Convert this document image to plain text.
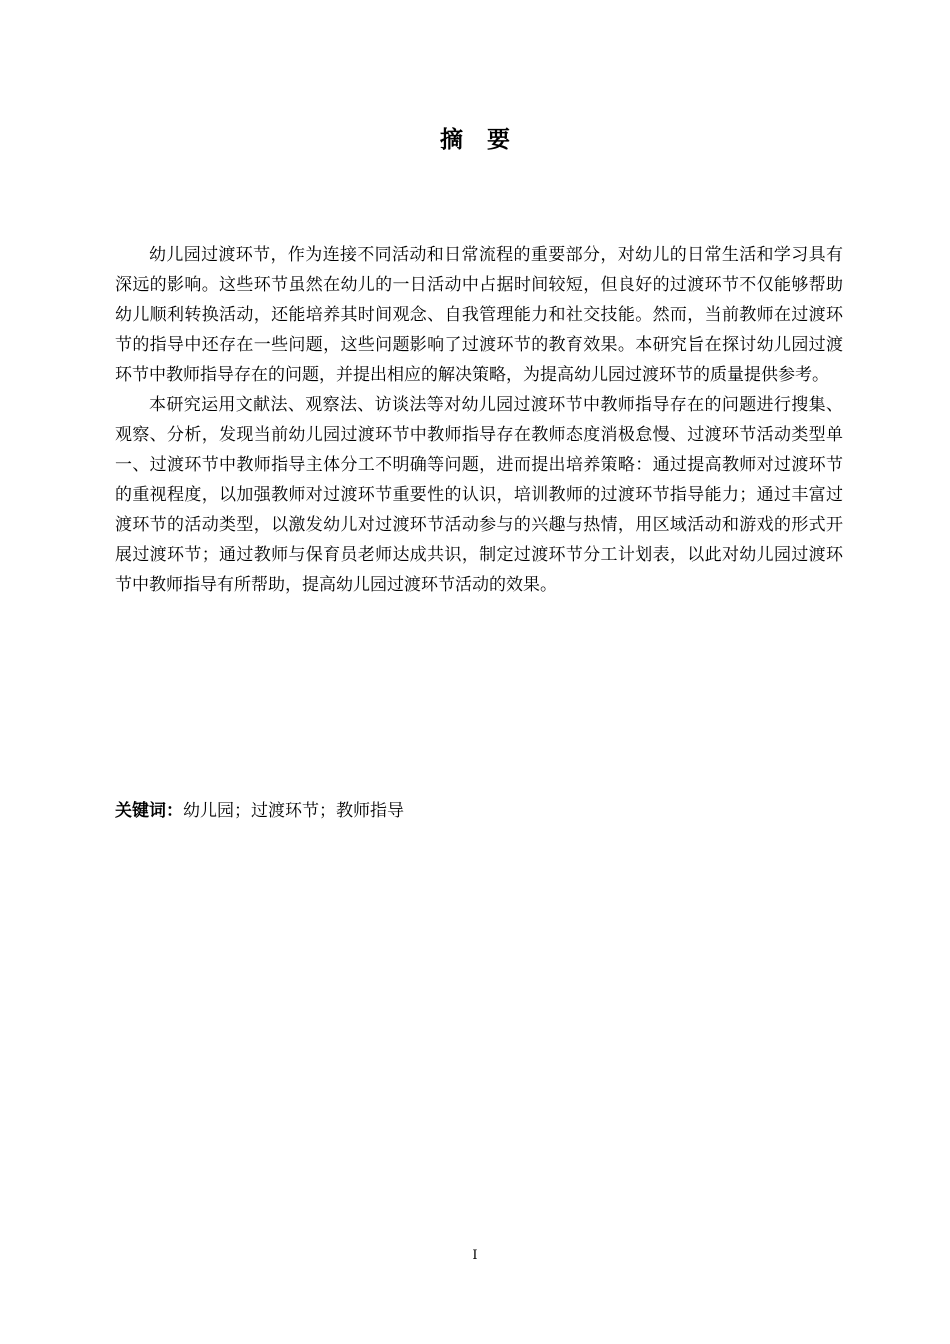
摘 要

幼儿园过渡环节，作为连接不同活动和日常流程的重要部分，对幼儿的日常生活和学习具有深远的影响。这些环节虽然在幼儿的一日活动中占据时间较短，但良好的过渡环节不仅能够帮助幼儿顺利转换活动，还能培养其时间观念、自我管理能力和社交技能。然而，当前教师在过渡环节的指导中还存在一些问题，这些问题影响了过渡环节的教育效果。本研究旨在探讨幼儿园过渡环节中教师指导存在的问题，并提出相应的解决策略，为提高幼儿园过渡环节的质量提供参考。

本研究运用文献法、观察法、访谈法等对幼儿园过渡环节中教师指导存在的问题进行搜集、观察、分析，发现当前幼儿园过渡环节中教师指导存在教师态度消极怠慢、过渡环节活动类型单一、过渡环节中教师指导主体分工不明确等问题，进而提出培养策略：通过提高教师对过渡环节的重视程度，以加强教师对过渡环节重要性的认识，培训教师的过渡环节指导能力；通过丰富过渡环节的活动类型，以激发幼儿对过渡环节活动参与的兴趣与热情，用区域活动和游戏的形式开展过渡环节；通过教师与保育员老师达成共识，制定过渡环节分工计划表，以此对幼儿园过渡环节中教师指导有所帮助，提高幼儿园过渡环节活动的效果。

关键词：幼儿园；过渡环节；教师指导
I
